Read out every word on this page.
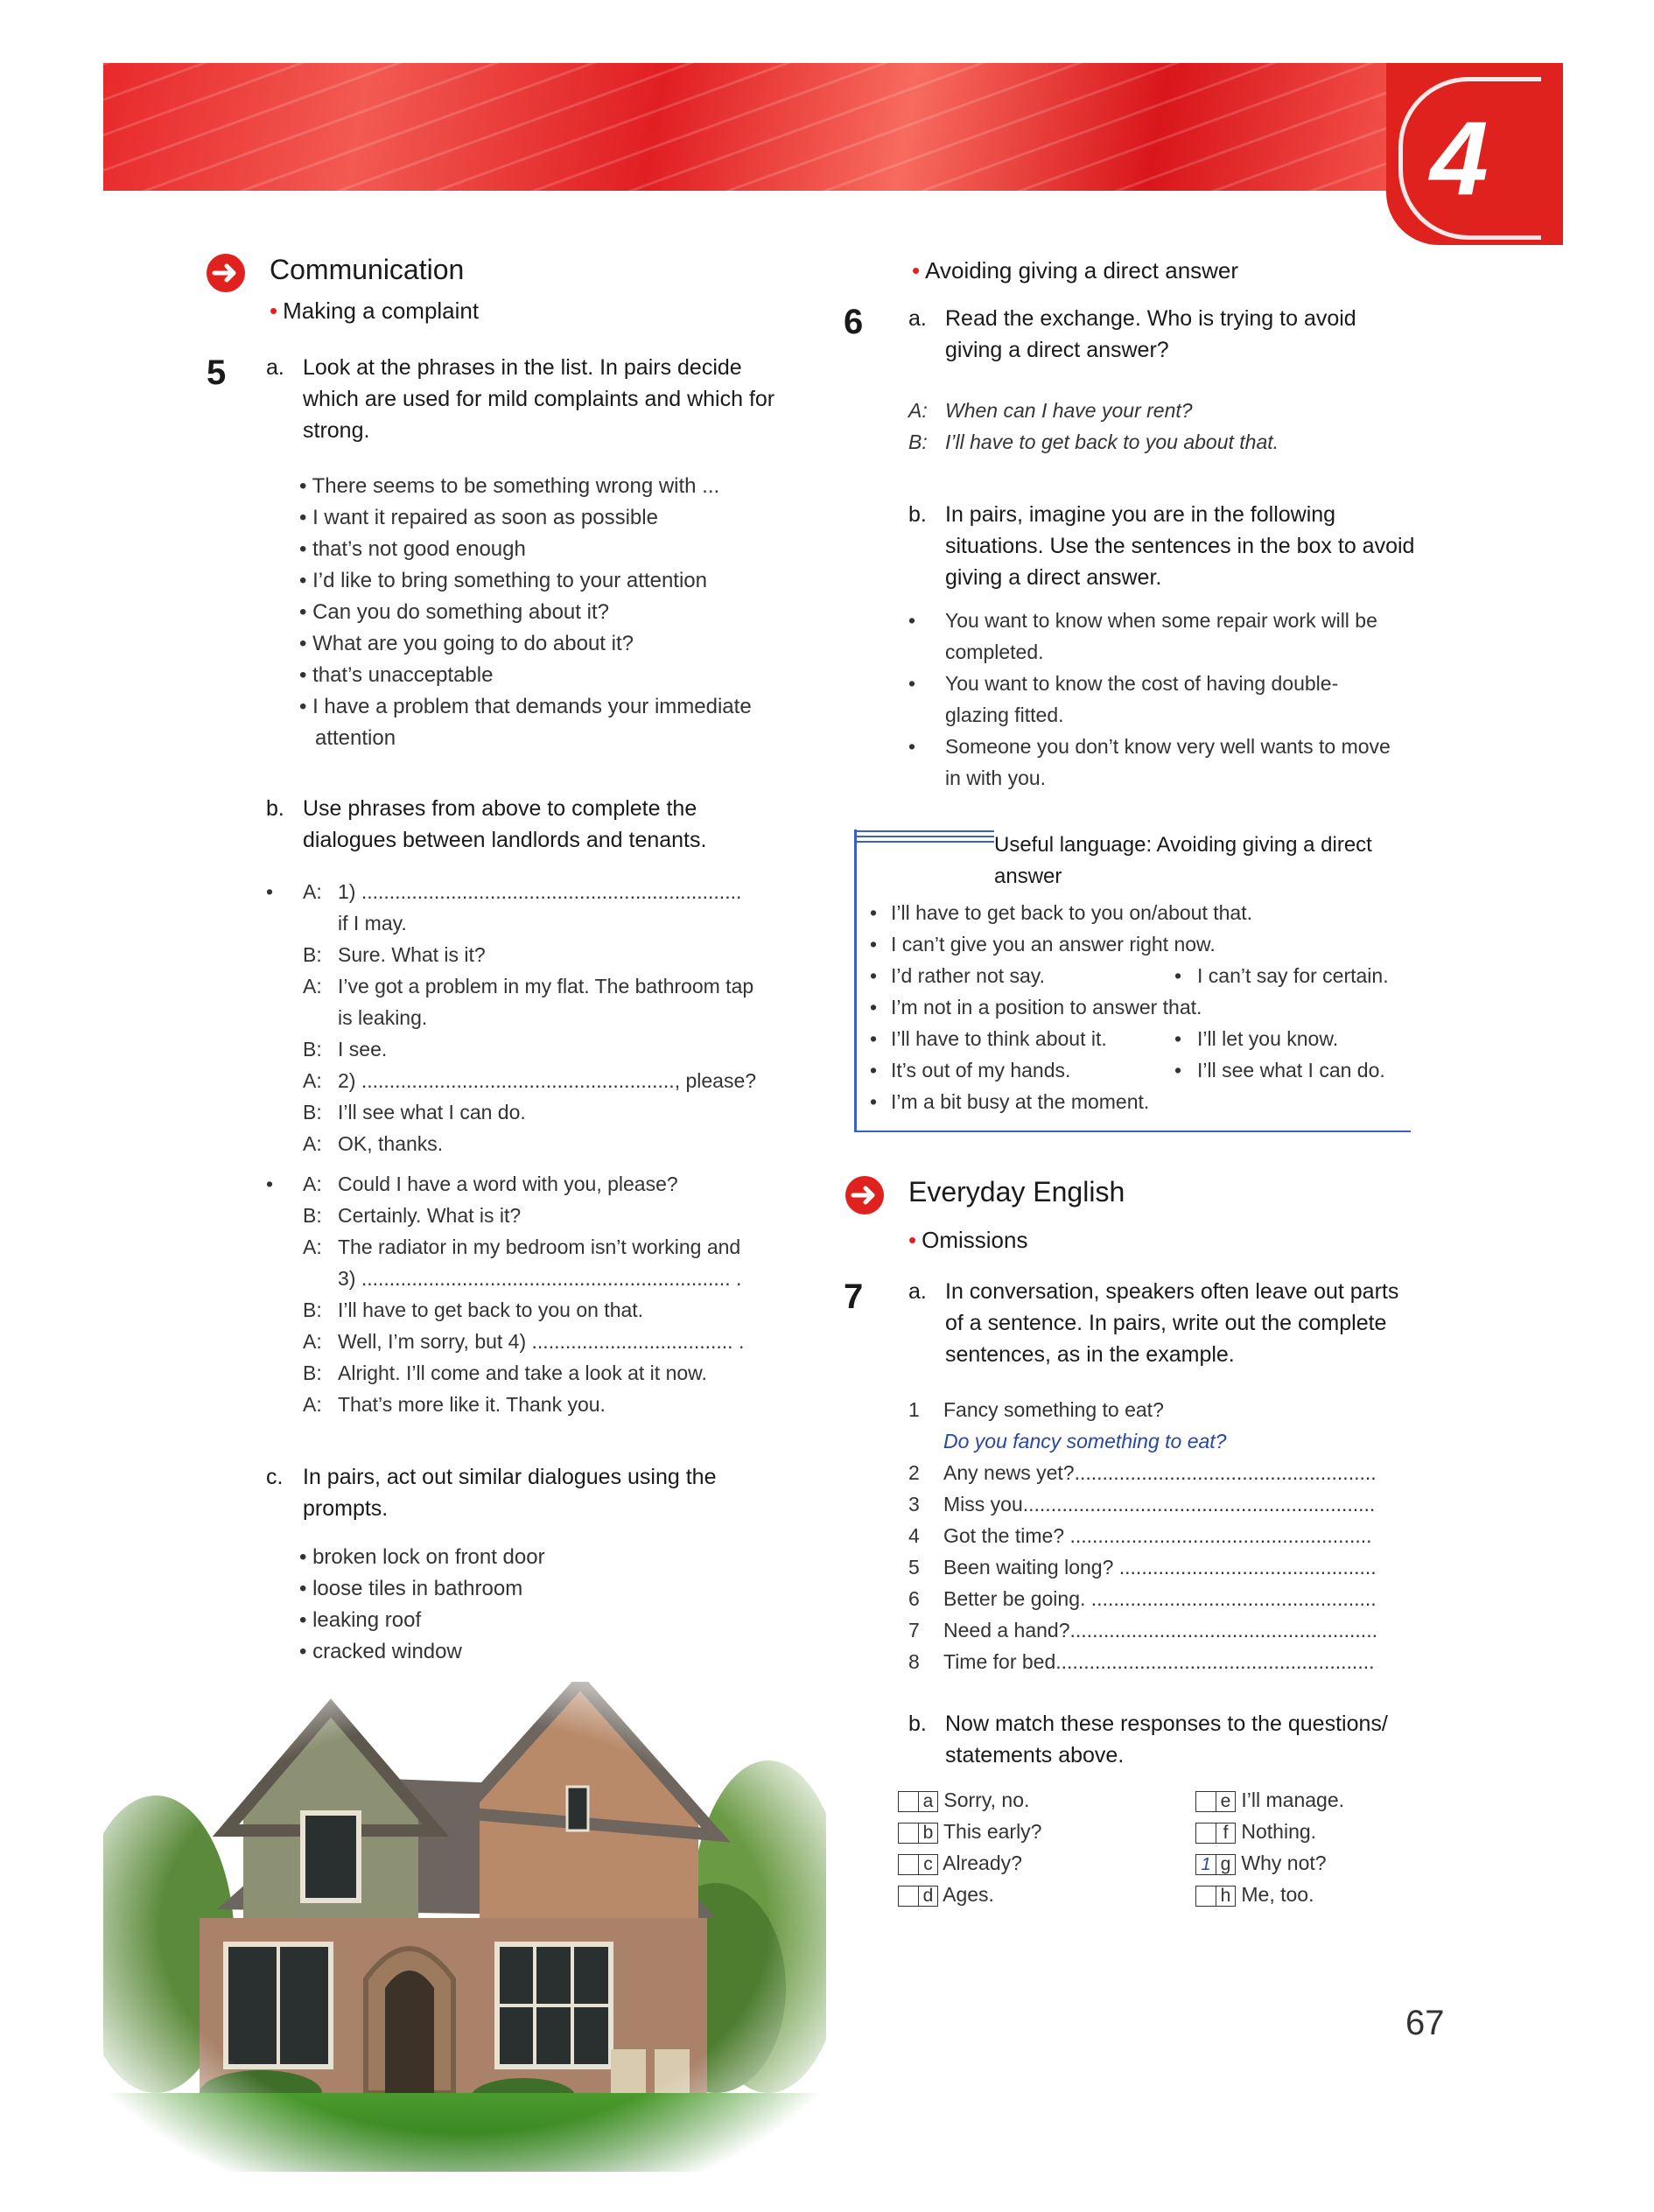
4
Communication
• Making a complaint
5 a. Look at the phrases in the list. In pairs decide which are used for mild complaints and which for strong.
• There seems to be something wrong with ...
• I want it repaired as soon as possible
• that’s not good enough
• I’d like to bring something to your attention
• Can you do something about it?
• What are you going to do about it?
• that’s unacceptable
• I have a problem that demands your immediate
attention
b. Use phrases from above to complete the dialogues between landlords and tenants.
• A: 1) ....................................................................
if I may.
B: Sure. What is it?
A: I’ve got a problem in my flat. The bathroom tap
is leaking.
B: I see.
A: 2) ........................................................, please?
B: I’ll see what I can do.
A: OK, thanks.
• A: Could I have a word with you, please?
B: Certainly. What is it?
A: The radiator in my bedroom isn’t working and
3) .................................................................. .
B: I’ll have to get back to you on that.
A: Well, I’m sorry, but 4) .................................... .
B: Alright. I’ll come and take a look at it now.
A: That’s more like it. Thank you.
c. In pairs, act out similar dialogues using the prompts.
• broken lock on front door
• loose tiles in bathroom
• leaking roof
• cracked window
• Avoiding giving a direct answer
6 a. Read the exchange. Who is trying to avoid giving a direct answer?
A: When can I have your rent?
B: I’ll have to get back to you about that.
b. In pairs, imagine you are in the following situations. Use the sentences in the box to avoid giving a direct answer.
• You want to know when some repair work will be
completed.
• You want to know the cost of having double-
glazing fitted.
• Someone you don’t know very well wants to move
in with you.
Useful language: Avoiding giving a direct
answer
• I’ll have to get back to you on/about that.
• I can’t give you an answer right now.
• I’d rather not say.	• I can’t say for certain.
• I’m not in a position to answer that.
• I’ll have to think about it.	• I’ll let you know.
• It’s out of my hands.	• I’ll see what I can do.
• I’m a bit busy at the moment.
Everyday English
• Omissions
7 a. In conversation, speakers often leave out parts of a sentence. In pairs, write out the complete sentences, as in the example.
1 Fancy something to eat?
Do you fancy something to eat?
2 Any news yet?......................................................
3 Miss you...............................................................
4 Got the time? ......................................................
5 Been waiting long? ..............................................
6 Better be going. ...................................................
7 Need a hand?.......................................................
8 Time for bed.........................................................
b. Now match these responses to the questions/ statements above.
a Sorry, no.
b This early?
c Already?
d Ages.
e I’ll manage.
f Nothing.
1 g Why not?
h Me, too.
67
